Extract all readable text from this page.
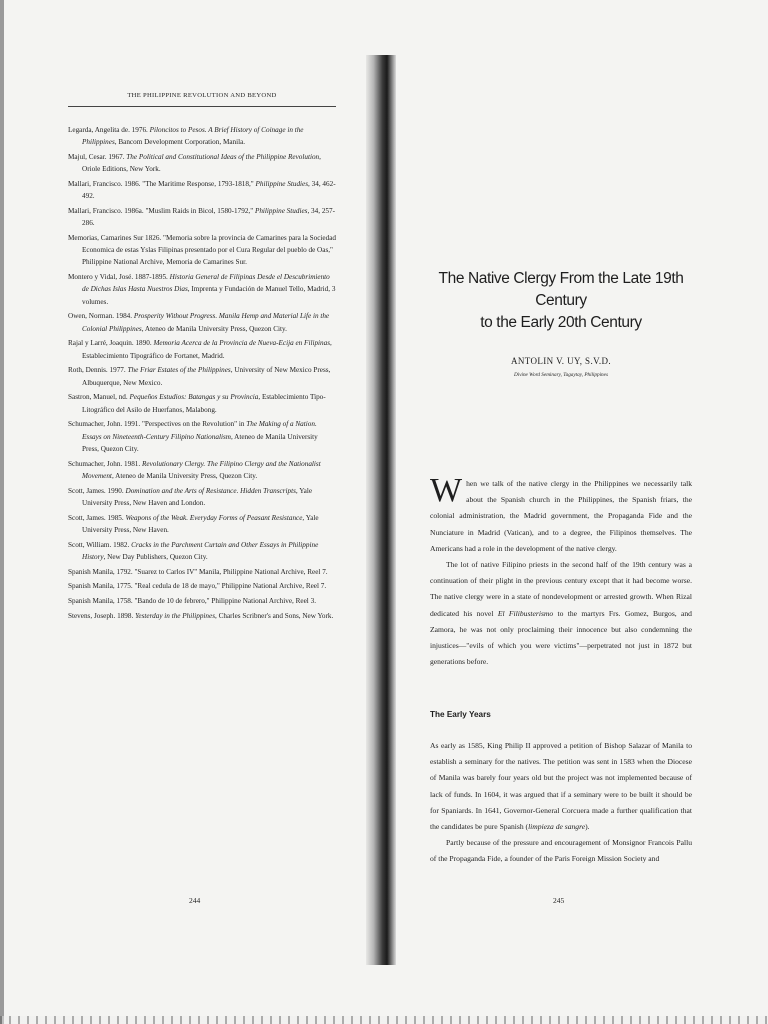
THE PHILIPPINE REVOLUTION AND BEYOND
Legarda, Angelita de. 1976. Piloncitos to Pesos. A Brief History of Coinage in the Philippines, Bancom Development Corporation, Manila.
Majul, Cesar. 1967. The Political and Constitutional Ideas of the Philippine Revolution, Oriole Editions, New York.
Mallari, Francisco. 1986. "The Maritime Response, 1793-1818," Philippine Studies, 34, 462-492.
Mallari, Francisco. 1986a. "Muslim Raids in Bicol, 1580-1792," Philippine Studies, 34, 257-286.
Memorias, Camarines Sur 1826. "Memoria sobre la provincia de Camarines para la Sociedad Economica de estas Yslas Filipinas presentado por el Cura Regular del pueblo de Oas," Philippine National Archive, Memoria de Camarines Sur.
Montero y Vidal, José. 1887-1895. Historia General de Filipinas Desde el Descubrimiento de Dichas Islas Hasta Nuestros Dias, Imprenta y Fundación de Manuel Tello, Madrid, 3 volumes.
Owen, Norman. 1984. Prosperity Without Progress. Manila Hemp and Material Life in the Colonial Philippines, Ateneo de Manila University Press, Quezon City.
Rajal y Larré, Joaquin. 1890. Memoria Acerca de la Provincia de Nueva-Ecija en Filipinas, Establecimiento Tipográfico de Fortanet, Madrid.
Roth, Dennis. 1977. The Friar Estates of the Philippines, University of New Mexico Press, Albuquerque, New Mexico.
Sastron, Manuel, nd. Pequeños Estudios: Batangas y su Provincia, Establecimiento Tipo-Litográfico del Asilo de Huerfanos, Malabong.
Schumacher, John. 1991. "Perspectives on the Revolution" in The Making of a Nation. Essays on Nineteenth-Century Filipino Nationalism, Ateneo de Manila University Press, Quezon City.
Schumacher, John. 1981. Revolutionary Clergy. The Filipino Clergy and the Nationalist Movement, Ateneo de Manila University Press, Quezon City.
Scott, James. 1990. Domination and the Arts of Resistance. Hidden Transcripts, Yale University Press, New Haven and London.
Scott, James. 1985. Weapons of the Weak. Everyday Forms of Peasant Resistance, Yale University Press, New Haven.
Scott, William. 1982. Cracks in the Parchment Curtain and Other Essays in Philippine History, New Day Publishers, Quezon City.
Spanish Manila, 1792. "Suarez to Carlos IV" Manila, Philippine National Archive, Reel 7.
Spanish Manila, 1775. "Real cedula de 18 de mayo," Philippine National Archive, Reel 7.
Spanish Manila, 1758. "Bando de 10 de febrero," Philippine National Archive, Reel 3.
Stevens, Joseph. 1898. Yesterday in the Philippines, Charles Scribner's and Sons, New York.
244
The Native Clergy From the Late 19th Century
to the Early 20th Century
ANTOLIN V. UY, S.V.D.
Divine Word Seminary, Tagaytay, Philippines
When we talk of the native clergy in the Philippines we necessarily talk about the Spanish church in the Philippines, the Spanish friars, the colonial administration, the Madrid government, the Propaganda Fide and the Nunciature in Madrid (Vatican), and to a degree, the Filipinos themselves. The Americans had a role in the development of the native clergy.

The lot of native Filipino priests in the second half of the 19th century was a continuation of their plight in the previous century except that it had become worse. The native clergy were in a state of nondevelopment or arrested growth. When Rizal dedicated his novel El Filibusterismo to the martyrs Frs. Gomez, Burgos, and Zamora, he was not only proclaiming their innocence but also condemning the injustices—"evils of which you were victims"—perpetrated not just in 1872 but generations before.

The Early Years

As early as 1585, King Philip II approved a petition of Bishop Salazar of Manila to establish a seminary for the natives. The petition was sent in 1583 when the Diocese of Manila was barely four years old but the project was not implemented because of lack of funds. In 1604, it was argued that if a seminary were to be built it should be for Spaniards. In 1641, Governor-General Corcuera made a further qualification that the candidates be pure Spanish (limpieza de sangre).

Partly because of the pressure and encouragement of Monsignor Francois Pallu of the Propaganda Fide, a founder of the Paris Foreign Mission Society and

245
